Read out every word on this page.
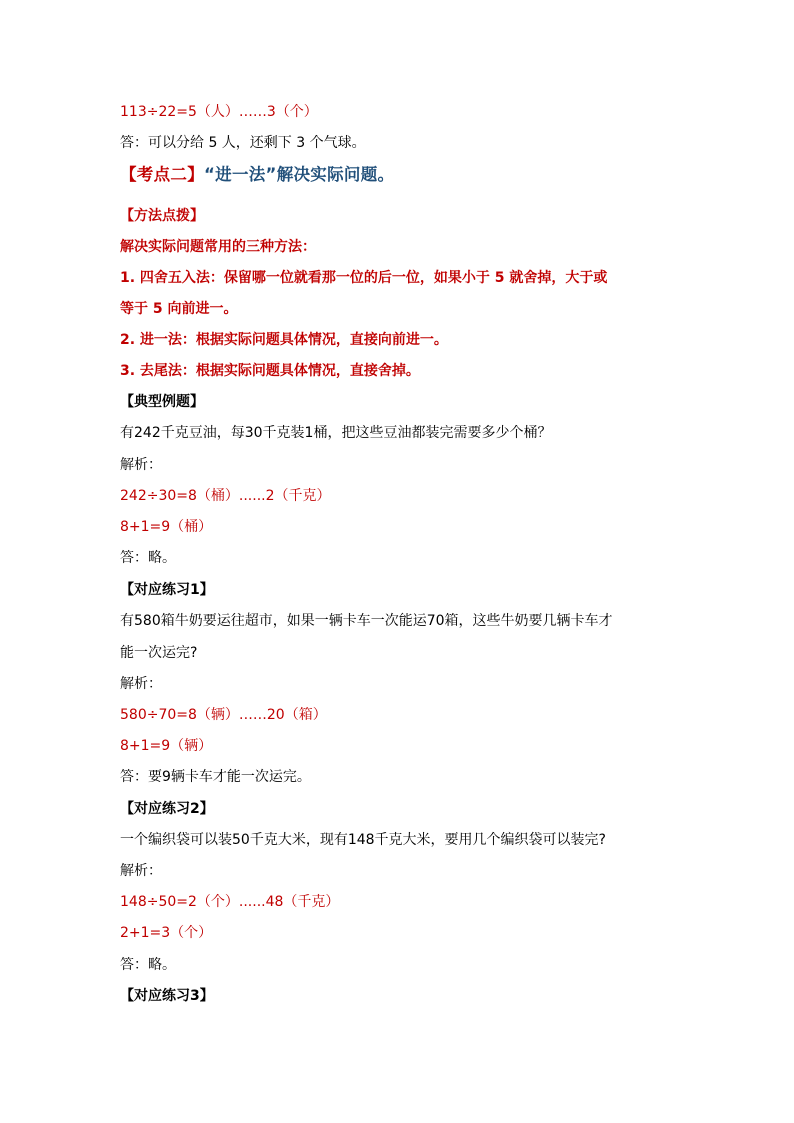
113÷22=5（人）……3（个）
答：可以分给 5 人，还剩下 3 个气球。
【考点二】“进一法”解决实际问题。
【方法点拨】
解决实际问题常用的三种方法：
1. 四舍五入法：保留哪一位就看那一位的后一位，如果小于 5 就舍掉，大于或
等于 5 向前进一。
2. 进一法：根据实际问题具体情况，直接向前进一。
3. 去尾法：根据实际问题具体情况，直接舍掉。
【典型例题】
有242千克豆油，每30千克装1桶，把这些豆油都装完需要多少个桶？
解析：
242÷30=8（桶）......2（千克）
8+1=9（桶）
答：略。
【对应练习1】
有580箱牛奶要运往超市，如果一辆卡车一次能运70箱，这些牛奶要几辆卡车才
能一次运完?
解析：
580÷70=8（辆）……20（箱）
8+1=9（辆）
答：要9辆卡车才能一次运完。
【对应练习2】
一个编织袋可以装50千克大米，现有148千克大米，要用几个编织袋可以装完?
解析：
148÷50=2（个）......48（千克）
2+1=3（个）
答：略。
【对应练习3】
